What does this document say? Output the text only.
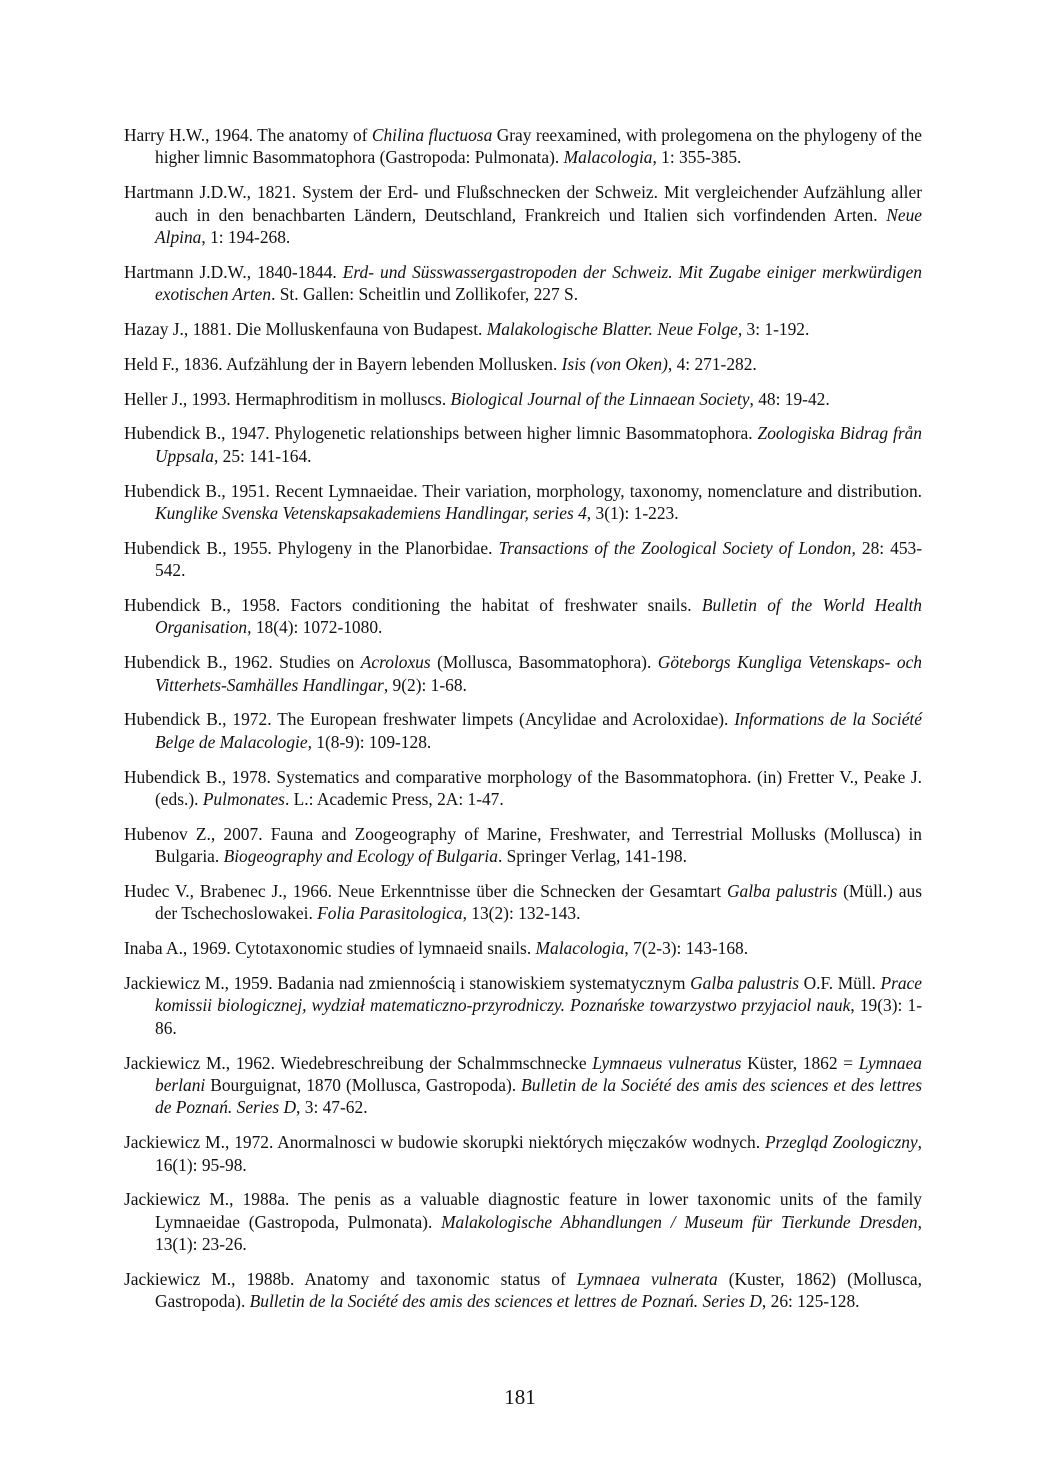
Harry H.W., 1964. The anatomy of Chilina fluctuosa Gray reexamined, with prolegomena on the phylogeny of the higher limnic Basommatophora (Gastropoda: Pulmonata). Malacologia, 1: 355-385.

Hartmann J.D.W., 1821. System der Erd- und Flußschnecken der Schweiz. Mit vergleichender Aufzählung aller auch in den benachbarten Ländern, Deutschland, Frankreich und Italien sich vorfindenden Arten. Neue Alpina, 1: 194-268.

Hartmann J.D.W., 1840-1844. Erd- und Süsswassergastropoden der Schweiz. Mit Zugabe einiger merkwürdigen exotischen Arten. St. Gallen: Scheitlin und Zollikofer, 227 S.

Hazay J., 1881. Die Molluskenfauna von Budapest. Malakologische Blatter. Neue Folge, 3: 1-192.

Held F., 1836. Aufzählung der in Bayern lebenden Mollusken. Isis (von Oken), 4: 271-282.

Heller J., 1993. Hermaphroditism in molluscs. Biological Journal of the Linnaean Society, 48: 19-42.

Hubendick B., 1947. Phylogenetic relationships between higher limnic Basommatophora. Zoologiska Bidrag från Uppsala, 25: 141-164.

Hubendick B., 1951. Recent Lymnaeidae. Their variation, morphology, taxonomy, nomenclature and distribution. Kunglike Svenska Vetenskapsakademiens Handlingar, series 4, 3(1): 1-223.

Hubendick B., 1955. Phylogeny in the Planorbidae. Transactions of the Zoological Society of London, 28: 453-542.

Hubendick B., 1958. Factors conditioning the habitat of freshwater snails. Bulletin of the World Health Organisation, 18(4): 1072-1080.

Hubendick B., 1962. Studies on Acroloxus (Mollusca, Basommatophora). Göteborgs Kungliga Vetenskaps- och Vitterhets-Samhälles Handlingar, 9(2): 1-68.

Hubendick B., 1972. The European freshwater limpets (Ancylidae and Acroloxidae). Informations de la Société Belge de Malacologie, 1(8-9): 109-128.

Hubendick B., 1978. Systematics and comparative morphology of the Basommatophora. (in) Fretter V., Peake J. (eds.). Pulmonates. L.: Academic Press, 2A: 1-47.

Hubenov Z., 2007. Fauna and Zoogeography of Marine, Freshwater, and Terrestrial Mollusks (Mollusca) in Bulgaria. Biogeography and Ecology of Bulgaria. Springer Verlag, 141-198.

Hudec V., Brabenec J., 1966. Neue Erkenntnisse über die Schnecken der Gesamtart Galba palustris (Müll.) aus der Tschechoslowakei. Folia Parasitologica, 13(2): 132-143.

Inaba A., 1969. Cytotaxonomic studies of lymnaeid snails. Malacologia, 7(2-3): 143-168.

Jackiewicz M., 1959. Badania nad zmiennością i stanowiskiem systematycznym Galba palustris O.F. Müll. Prace komissii biologicznej, wydział matematiczno-przyrodniczy. Poznańske towarzystwo przyjaciol nauk, 19(3): 1-86.

Jackiewicz M., 1962. Wiedebreschreibung der Schalmmschnecke Lymnaeus vulneratus Küster, 1862 = Lymnaea berlani Bourguignat, 1870 (Mollusca, Gastropoda). Bulletin de la Société des amis des sciences et des lettres de Poznań. Series D, 3: 47-62.

Jackiewicz M., 1972. Anormalnosci w budowie skorupki niektórych mięczaków wodnych. Przegląd Zoologiczny, 16(1): 95-98.

Jackiewicz M., 1988a. The penis as a valuable diagnostic feature in lower taxonomic units of the family Lymnaeidae (Gastropoda, Pulmonata). Malakologische Abhandlungen / Museum für Tierkunde Dresden, 13(1): 23-26.

Jackiewicz M., 1988b. Anatomy and taxonomic status of Lymnaea vulnerata (Kuster, 1862) (Mollusca, Gastropoda). Bulletin de la Société des amis des sciences et lettres de Poznań. Series D, 26: 125-128.

181
